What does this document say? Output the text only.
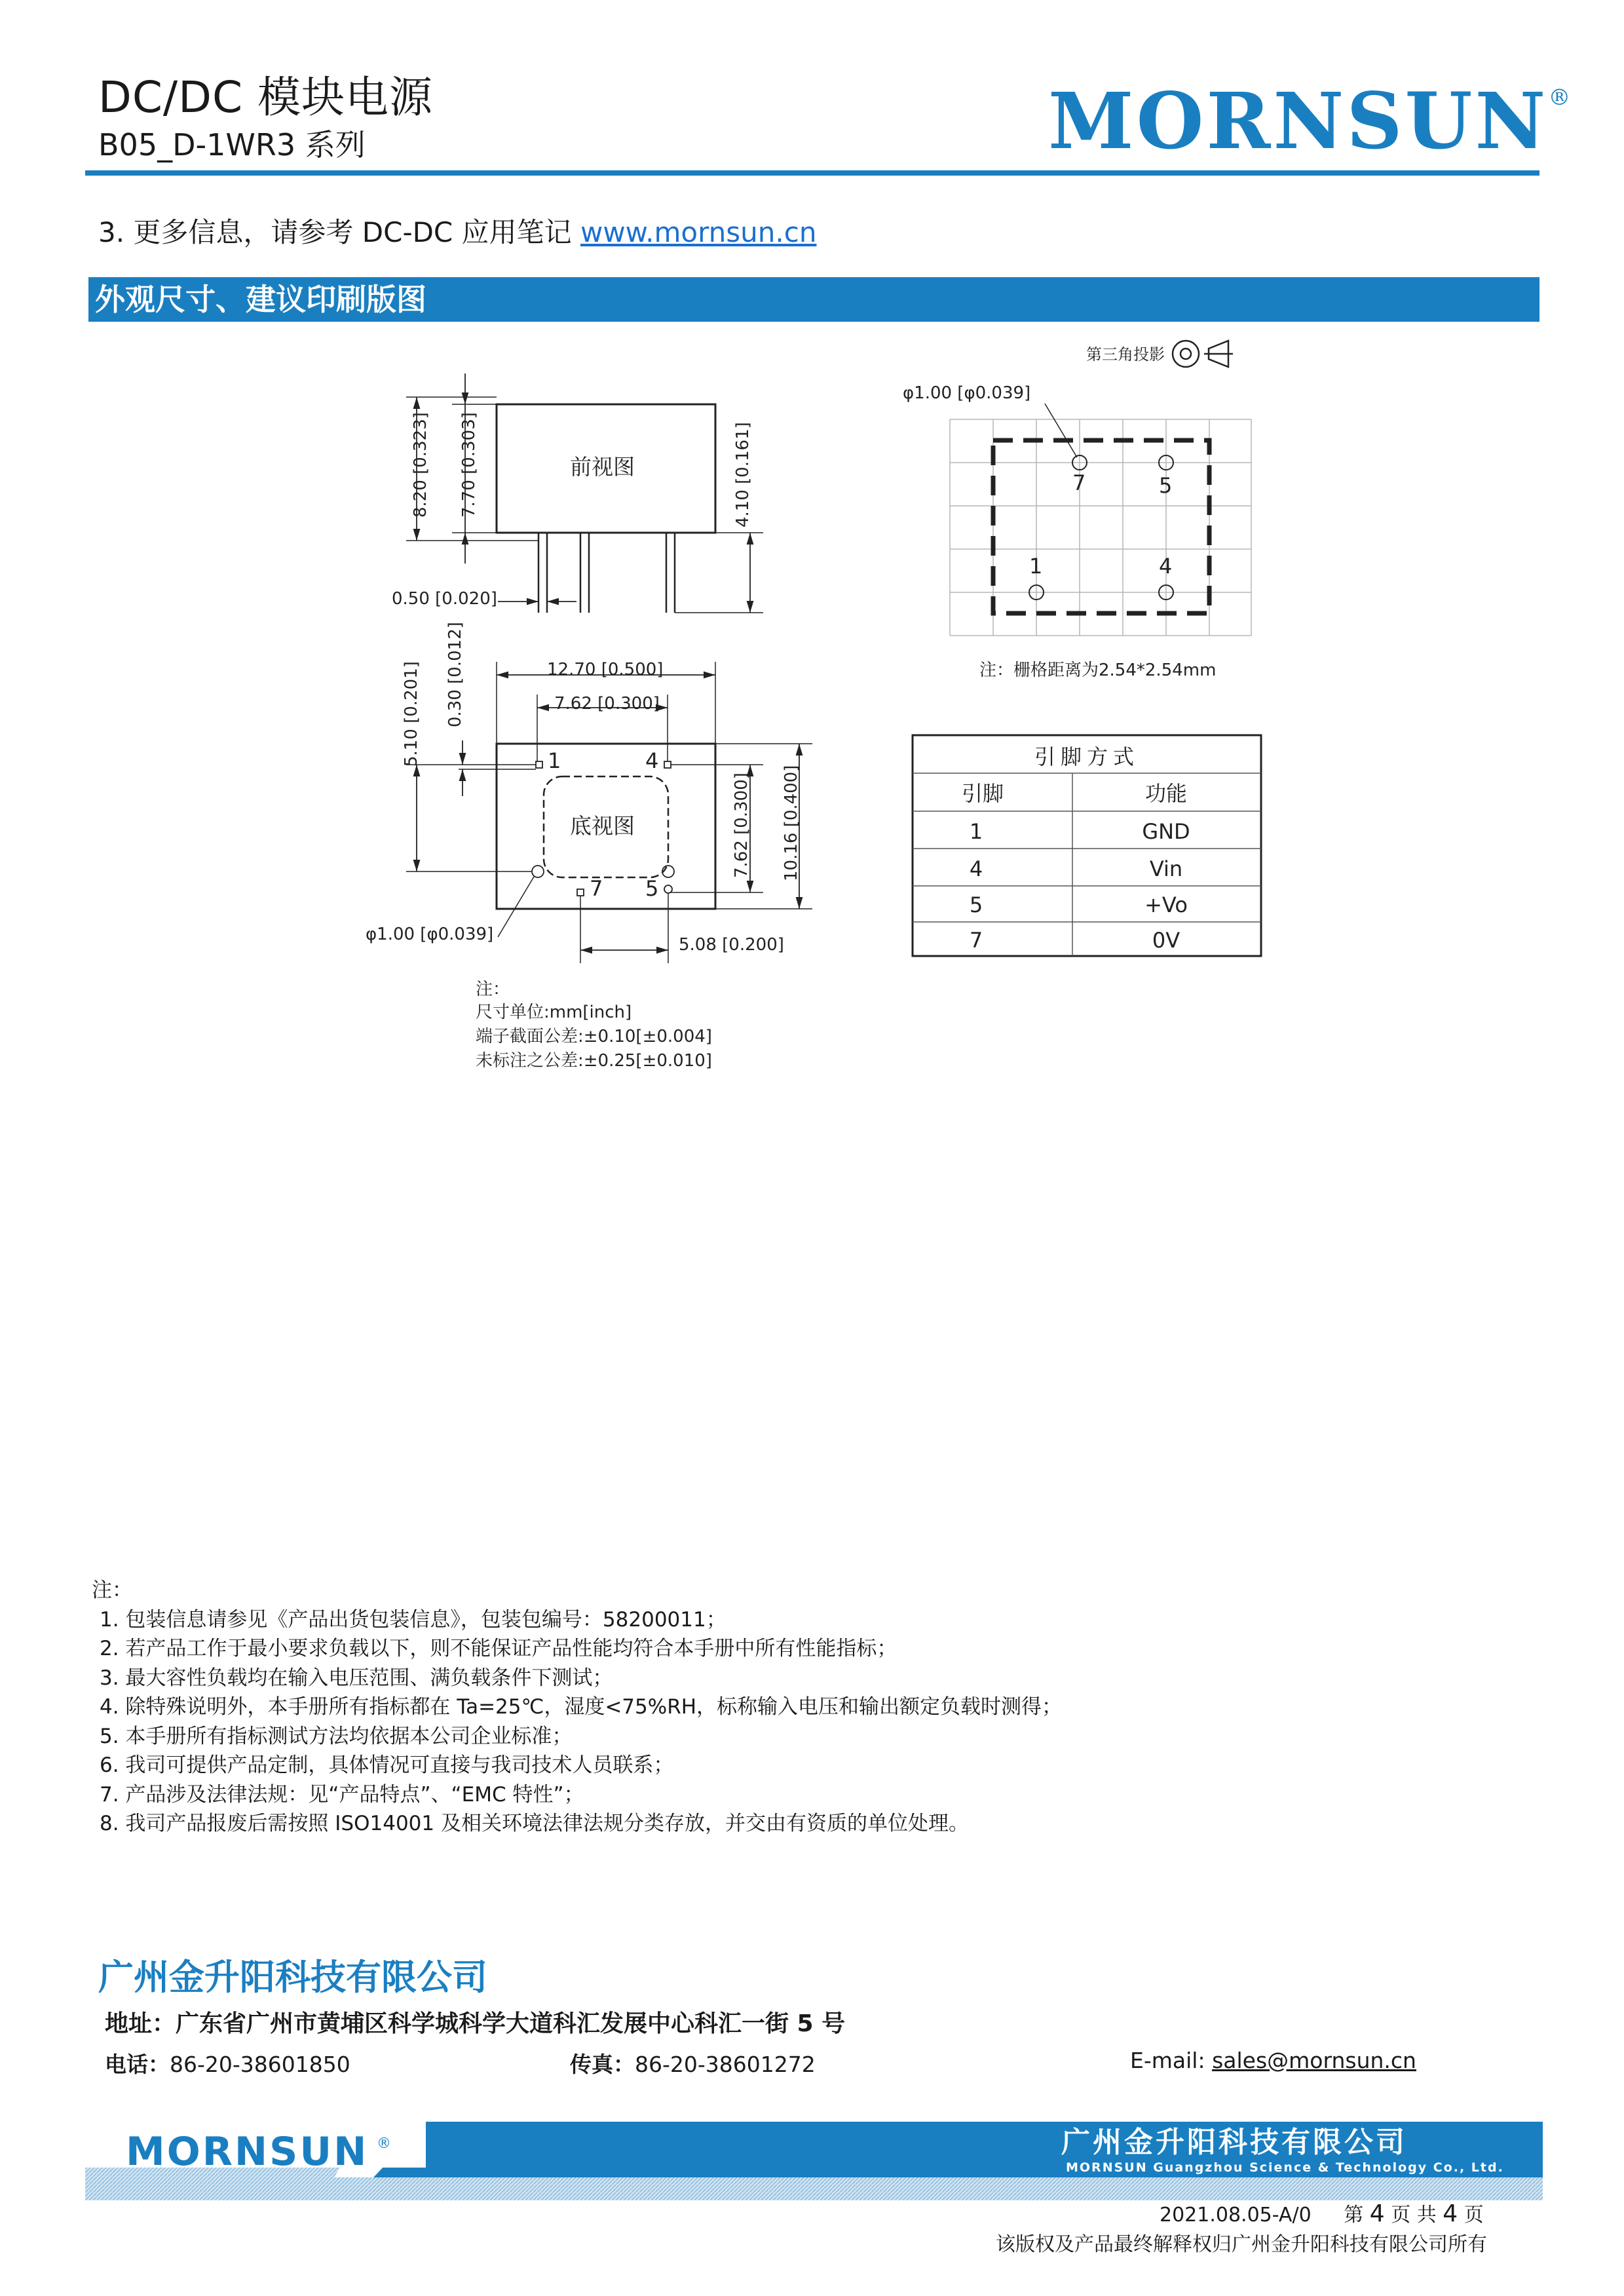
DC/DC 模块电源
B05_D-1WR3 系列	MORNSUN®
3. 更多信息，请参考 DC-DC 应用笔记 www.mornsun.cn
外观尺寸、建议印刷版图
第三角投影
前视图
底视图
8.20 [0.323] 7.70 [0.303]	4.10 [0.161]
0.50 [0.020]
12.70 [0.500]
7.62 [0.300]
5.10 [0.201] 0.30 [0.012]
7.62 [0.300] 10.16 [0.400]
φ1.00 [φ0.039]
5.08 [0.200]
1	4
7 5
7	5
1	4
φ1.00 [φ0.039]
注：栅格距离为2.54*2.54mm
注：
尺寸单位:mm[inch]
端子截面公差:±0.10[±0.004]
未标注之公差:±0.25[±0.010]
引脚方式
引脚	功能
1	GND
4	Vin
5	+Vo
7	0V
注：
1. 包装信息请参见《产品出货包装信息》，包装包编号：58200011；
2. 若产品工作于最小要求负载以下，则不能保证产品性能均符合本手册中所有性能指标；
3. 最大容性负载均在输入电压范围、满负载条件下测试；
4. 除特殊说明外，本手册所有指标都在 Ta=25℃，湿度<75%RH，标称输入电压和输出额定负载时测得；
5. 本手册所有指标测试方法均依据本公司企业标准；
6. 我司可提供产品定制，具体情况可直接与我司技术人员联系；
7. 产品涉及法律法规：见“产品特点”、“EMC 特性”；
8. 我司产品报废后需按照 ISO14001 及相关环境法律法规分类存放，并交由有资质的单位处理。
广州金升阳科技有限公司
地址：广东省广州市黄埔区科学城科学大道科汇发展中心科汇一街 5 号
电话：86-20-38601850	传真：86-20-38601272	E-mail: sales@mornsun.cn
MORNSUN ®	广州金升阳科技有限公司
MORNSUN Guangzhou Science & Technology Co., Ltd.
2021.08.05-A/0 第 4 页 共 4 页
该版权及产品最终解释权归广州金升阳科技有限公司所有
